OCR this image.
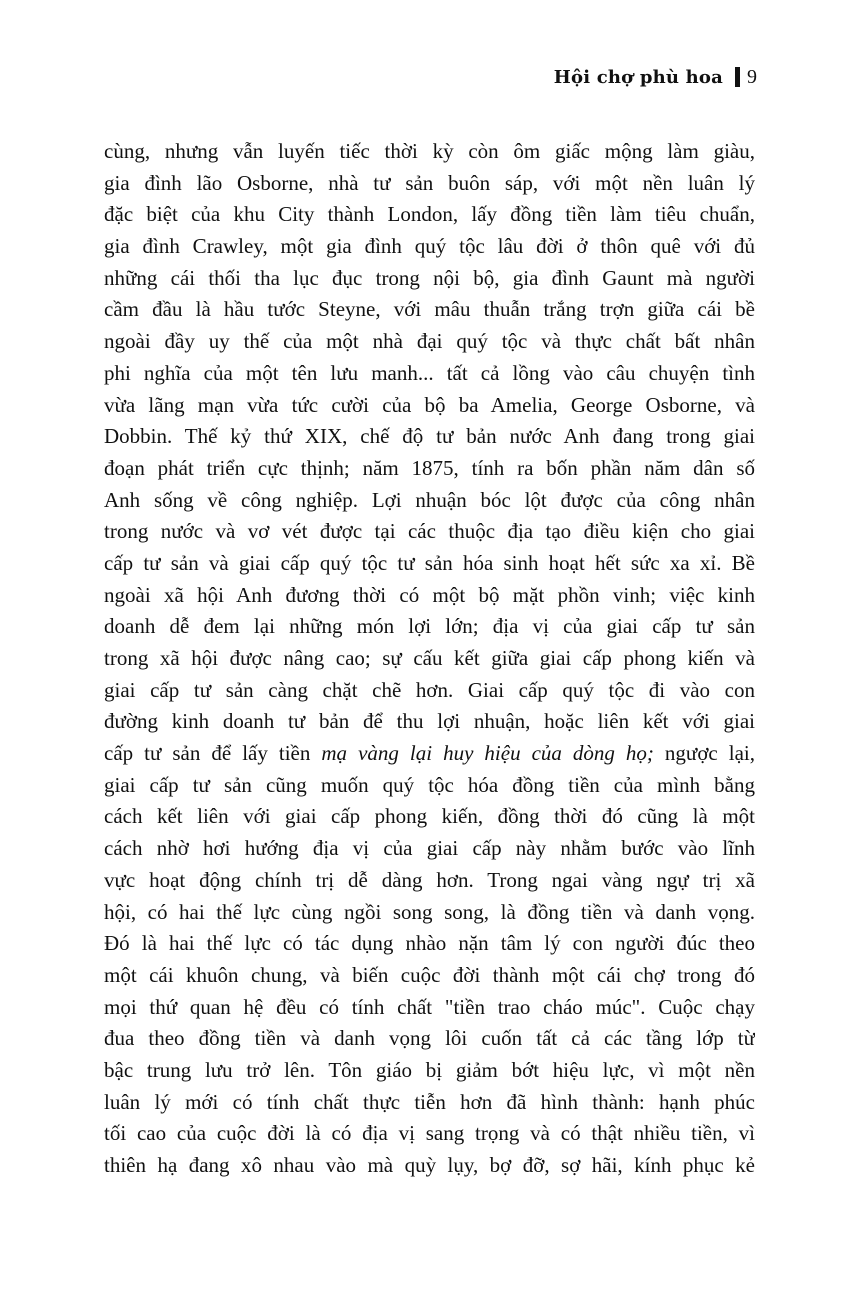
Hội chợ phù hoa 9
cùng, nhưng vẫn luyến tiếc thời kỳ còn ôm giấc mộng làm giàu,
gia đình lão Osborne, nhà tư sản buôn sáp, với một nền luân lý
đặc biệt của khu City thành London, lấy đồng tiền làm tiêu chuẩn,
gia đình Crawley, một gia đình quý tộc lâu đời ở thôn quê với đủ
những cái thối tha lục đục trong nội bộ, gia đình Gaunt mà người
cầm đầu là hầu tước Steyne, với mâu thuẫn trắng trợn giữa cái bề
ngoài đầy uy thế của một nhà đại quý tộc và thực chất bất nhân
phi nghĩa của một tên lưu manh... tất cả lồng vào câu chuyện tình
vừa lãng mạn vừa tức cười của bộ ba Amelia, George Osborne, và
Dobbin. Thế kỷ thứ XIX, chế độ tư bản nước Anh đang trong giai
đoạn phát triển cực thịnh; năm 1875, tính ra bốn phần năm dân số
Anh sống về công nghiệp. Lợi nhuận bóc lột được của công nhân
trong nước và vơ vét được tại các thuộc địa tạo điều kiện cho giai
cấp tư sản và giai cấp quý tộc tư sản hóa sinh hoạt hết sức xa xỉ. Bề
ngoài xã hội Anh đương thời có một bộ mặt phồn vinh; việc kinh
doanh dễ đem lại những món lợi lớn; địa vị của giai cấp tư sản
trong xã hội được nâng cao; sự cấu kết giữa giai cấp phong kiến và
giai cấp tư sản càng chặt chẽ hơn. Giai cấp quý tộc đi vào con
đường kinh doanh tư bản để thu lợi nhuận, hoặc liên kết với giai
cấp tư sản để lấy tiền mạ vàng lại huy hiệu của dòng họ; ngược lại,
giai cấp tư sản cũng muốn quý tộc hóa đồng tiền của mình bằng
cách kết liên với giai cấp phong kiến, đồng thời đó cũng là một
cách nhờ hơi hướng địa vị của giai cấp này nhằm bước vào lĩnh
vực hoạt động chính trị dễ dàng hơn. Trong ngai vàng ngự trị xã
hội, có hai thế lực cùng ngồi song song, là đồng tiền và danh vọng.
Đó là hai thế lực có tác dụng nhào nặn tâm lý con người đúc theo
một cái khuôn chung, và biến cuộc đời thành một cái chợ trong đó
mọi thứ quan hệ đều có tính chất "tiền trao cháo múc". Cuộc chạy
đua theo đồng tiền và danh vọng lôi cuốn tất cả các tầng lớp từ
bậc trung lưu trở lên. Tôn giáo bị giảm bớt hiệu lực, vì một nền
luân lý mới có tính chất thực tiễn hơn đã hình thành: hạnh phúc
tối cao của cuộc đời là có địa vị sang trọng và có thật nhiều tiền, vì
thiên hạ đang xô nhau vào mà quỳ lụy, bợ đỡ, sợ hãi, kính phục kẻ
